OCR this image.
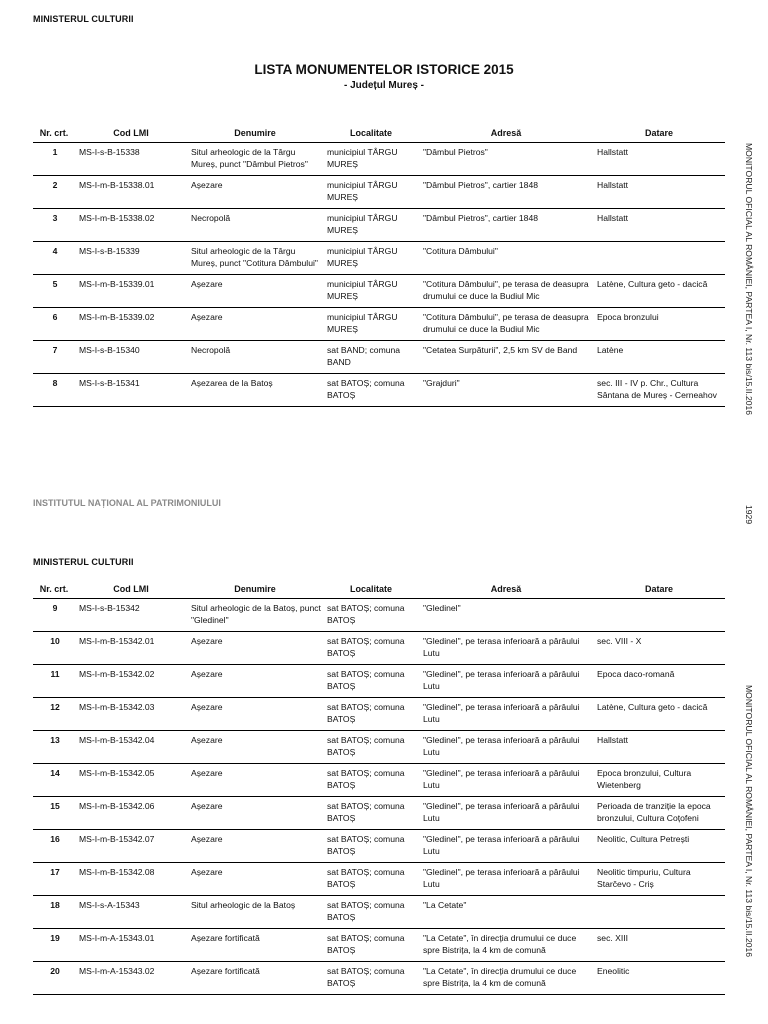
MINISTERUL CULTURII
LISTA MONUMENTELOR ISTORICE 2015
- Județul Mureș -
Nr. crt.	Cod LMI	Denumire	Localitate	Adresă	Datare
1	MS-I-s-B-15338	Situl arheologic de la Târgu Mureș, punct "Dâmbul Pietros"	municipiul TÂRGU MUREȘ	"Dâmbul Pietros"	Hallstatt
2	MS-I-m-B-15338.01	Așezare	municipiul TÂRGU MUREȘ	"Dâmbul Pietros", cartier 1848	Hallstatt
3	MS-I-m-B-15338.02	Necropolă	municipiul TÂRGU MUREȘ	"Dâmbul Pietros", cartier 1848	Hallstatt
4	MS-I-s-B-15339	Situl arheologic de la Târgu Mureș, punct "Cotitura Dâmbului"	municipiul TÂRGU MUREȘ	"Cotitura Dâmbului"	
5	MS-I-m-B-15339.01	Așezare	municipiul TÂRGU MUREȘ	"Cotitura Dâmbului", pe terasa de deasupra drumului ce duce la Budiul Mic	Latène, Cultura geto - dacică
6	MS-I-m-B-15339.02	Așezare	municipiul TÂRGU MUREȘ	"Cotitura Dâmbului", pe terasa de deasupra drumului ce duce la Budiul Mic	Epoca bronzului
7	MS-I-s-B-15340	Necropolă	sat BAND; comuna BAND	"Cetatea Surpăturii", 2,5 km SV de Band	Latène
8	MS-I-s-B-15341	Așezarea de la Batoș	sat BATOȘ; comuna BATOȘ	"Grajduri"	sec. III - IV p. Chr., Cultura Sântana de Mureș - Cerneahov
INSTITUTUL NAȚIONAL AL PATRIMONIULUI
MINISTERUL CULTURII
Nr. crt.	Cod LMI	Denumire	Localitate	Adresă	Datare
9	MS-I-s-B-15342	Situl arheologic de la Batoș, punct "Gledinel"	sat BATOȘ; comuna BATOȘ	"Gledinel"	
10	MS-I-m-B-15342.01	Așezare	sat BATOȘ; comuna BATOȘ	"Gledinel", pe terasa inferioară a pârâului Lutu	sec. VIII - X
11	MS-I-m-B-15342.02	Așezare	sat BATOȘ; comuna BATOȘ	"Gledinel", pe terasa inferioară a pârâului Lutu	Epoca daco-romană
12	MS-I-m-B-15342.03	Așezare	sat BATOȘ; comuna BATOȘ	"Gledinel", pe terasa inferioară a pârâului Lutu	Latène, Cultura geto - dacică
13	MS-I-m-B-15342.04	Așezare	sat BATOȘ; comuna BATOȘ	"Gledinel", pe terasa inferioară a pârâului Lutu	Hallstatt
14	MS-I-m-B-15342.05	Așezare	sat BATOȘ; comuna BATOȘ	"Gledinel", pe terasa inferioară a pârâului Lutu	Epoca bronzului, Cultura Wietenberg
15	MS-I-m-B-15342.06	Așezare	sat BATOȘ; comuna BATOȘ	"Gledinel", pe terasa inferioară a pârâului Lutu	Perioada de tranziție la epoca bronzului, Cultura Coțofeni
16	MS-I-m-B-15342.07	Așezare	sat BATOȘ; comuna BATOȘ	"Gledinel", pe terasa inferioară a pârâului Lutu	Neolitic, Cultura Petrești
17	MS-I-m-B-15342.08	Așezare	sat BATOȘ; comuna BATOȘ	"Gledinel", pe terasa inferioară a pârâului Lutu	Neolitic timpuriu, Cultura Starčevo - Criș
18	MS-I-s-A-15343	Situl arheologic de la Batoș	sat BATOȘ; comuna BATOȘ	"La Cetate"	
19	MS-I-m-A-15343.01	Așezare fortificată	sat BATOȘ; comuna BATOȘ	"La Cetate", în direcția drumului ce duce spre Bistrița, la 4 km de comună	sec. XIII
20	MS-I-m-A-15343.02	Așezare fortificată	sat BATOȘ; comuna BATOȘ	"La Cetate", în direcția drumului ce duce spre Bistrița, la 4 km de comună	Eneolitic
MONITORUL OFICIAL AL ROMÂNIEI, PARTEA I, Nr. 113 bis/15.II.2016
1929
MONITORUL OFICIAL AL ROMÂNIEI, PARTEA I, Nr. 113 bis/15.II.2016
